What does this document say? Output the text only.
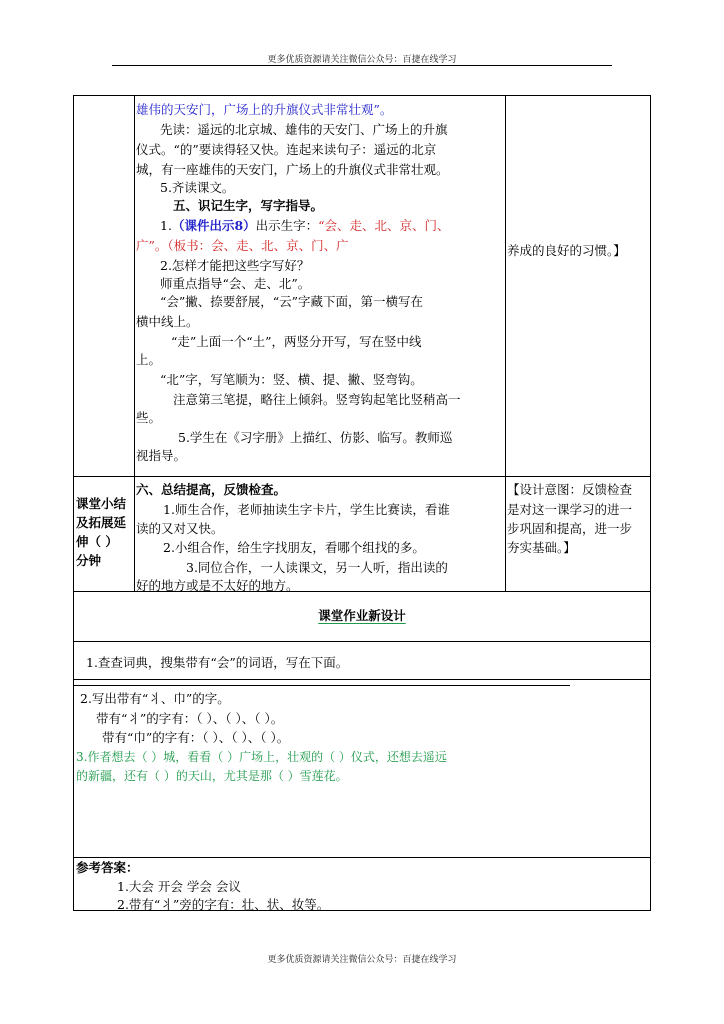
更多优质资源请关注微信公众号：百捷在线学习
雄伟的天安门，广场上的升旗仪式非常壮观”。
先读：遥远的北京城、雄伟的天安门、广场上的升旗
仪式。“的”要读得轻又快。连起来读句子：遥远的北京
城，有一座雄伟的天安门，广场上的升旗仪式非常壮观。
5.齐读课文。
五、识记生字，写字指导。
1.（课件出示8）出示生字：“会、走、北、京、门、
广”。（板书：会、走、北、京、门、广
2.怎样才能把这些字写好？
师重点指导“会、走、北”。
“会”撇、捺要舒展，“云”字藏下面，第一横写在
横中线上。
“走”上面一个“土”，两竖分开写，写在竖中线
上。
“北”字，写笔顺为：竖、横、提、撇、竖弯钩。
注意第三笔提，略往上倾斜。竖弯钩起笔比竖稍高一
些。
5.学生在《习字册》上描红、仿影、临写。教师巡
视指导。
养成的良好的习惯。】
课堂小结
及拓展延
伸（ ）
分钟
六、总结提高，反馈检查。
1.师生合作，老师抽读生字卡片，学生比赛读，看谁
读的又对又快。
2.小组合作，给生字找朋友，看哪个组找的多。
3.同位合作，一人读课文，另一人听，指出读的
好的地方或是不太好的地方。
【设计意图：反馈检查
是对这一课学习的进一
步巩固和提高，进一步
夯实基础。】
课堂作业新设计
1.查查词典，搜集带有“会”的词语，写在下面。
2.写出带有“丬、巾”的字。
带有“丬”的字有：（ ）、（ ）、（ ）。
带有“巾”的字有：（ ）、（ ）、（ ）。
3.作者想去（ ）城，看看（ ）广场上，壮观的（ ）仪式，还想去遥远
的新疆，还有（ ）的天山，尤其是那（ ）雪莲花。
参考答案：
1.大会 开会 学会 会议
2.带有“丬”旁的字有：壮、状、妆等。
更多优质资源请关注微信公众号：百捷在线学习
